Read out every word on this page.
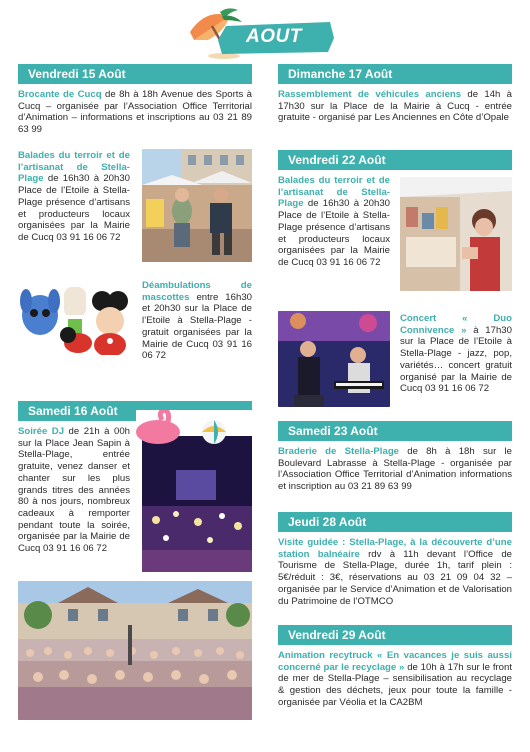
AOUT
Vendredi 15 Août
Brocante de Cucq de 8h à 18h Avenue des Sports à Cucq – organisée par l’Association Office Territorial d’Animation – informations et inscriptions au 03 21 89 63 99
Balades du terroir et de l’artisanat de Stella-Plage de 16h30 à 20h30 Place de l’Etoile à Stella-Plage présence d’artisans et producteurs locaux organisées par la Mairie de Cucq 03 91 16 06 72
Déambulations de mascottes entre 16h30 et 20h30 sur la Place de l’Etoile à Stella-Plage - gratuit organisées par la Mairie de Cucq 03 91 16 06 72
Samedi 16 Août
Soirée DJ de 21h à 00h sur la Place Jean Sapin à Stella-Plage, entrée gratuite, venez danser et chanter sur les plus grands titres des années 80 à nos jours, nombreux cadeaux à remporter pendant toute la soirée, organisée par la Mairie de Cucq 03 91 16 06 72
Dimanche 17 Août
Rassemblement de véhicules anciens de 14h à 17h30 sur la Place de la Mairie à Cucq - entrée gratuite - organisé par Les Anciennes en Côte d’Opale
Vendredi 22 Août
Balades du terroir et de l’artisanat de Stella-Plage de 16h30 à 20h30 Place de l’Etoile à Stella-Plage présence d’artisans et producteurs locaux organisées par la Mairie de Cucq 03 91 16 06 72
Concert « Duo Connivence » à 17h30 sur la Place de l’Etoile à Stella-Plage - jazz, pop, variétés… concert gratuit organisé par la Mairie de Cucq 03 91 16 06 72
Samedi 23 Août
Braderie de Stella-Plage de 8h à 18h sur le Boulevard Labrasse à Stella-Plage - organisée par l’Association Office Territorial d’Animation informations et inscription au 03 21 89 63 99
Jeudi 28 Août
Visite guidée : Stella-Plage, à la découverte d’une station balnéaire rdv à 11h devant l’Office de Tourisme de Stella-Plage, durée 1h, tarif plein : 5€/réduit : 3€, réservations au 03 21 09 04 32 – organisée par le Service d’Animation et de Valorisation du Patrimoine de l’OTMCO
Vendredi 29 Août
Animation recytruck « En vacances je suis aussi concerné par le recyclage » de 10h à 17h sur le front de mer de Stella-Plage – sensibilisation au recyclage & gestion des déchets, jeux pour toute la famille - organisée par Véolia et la CA2BM
